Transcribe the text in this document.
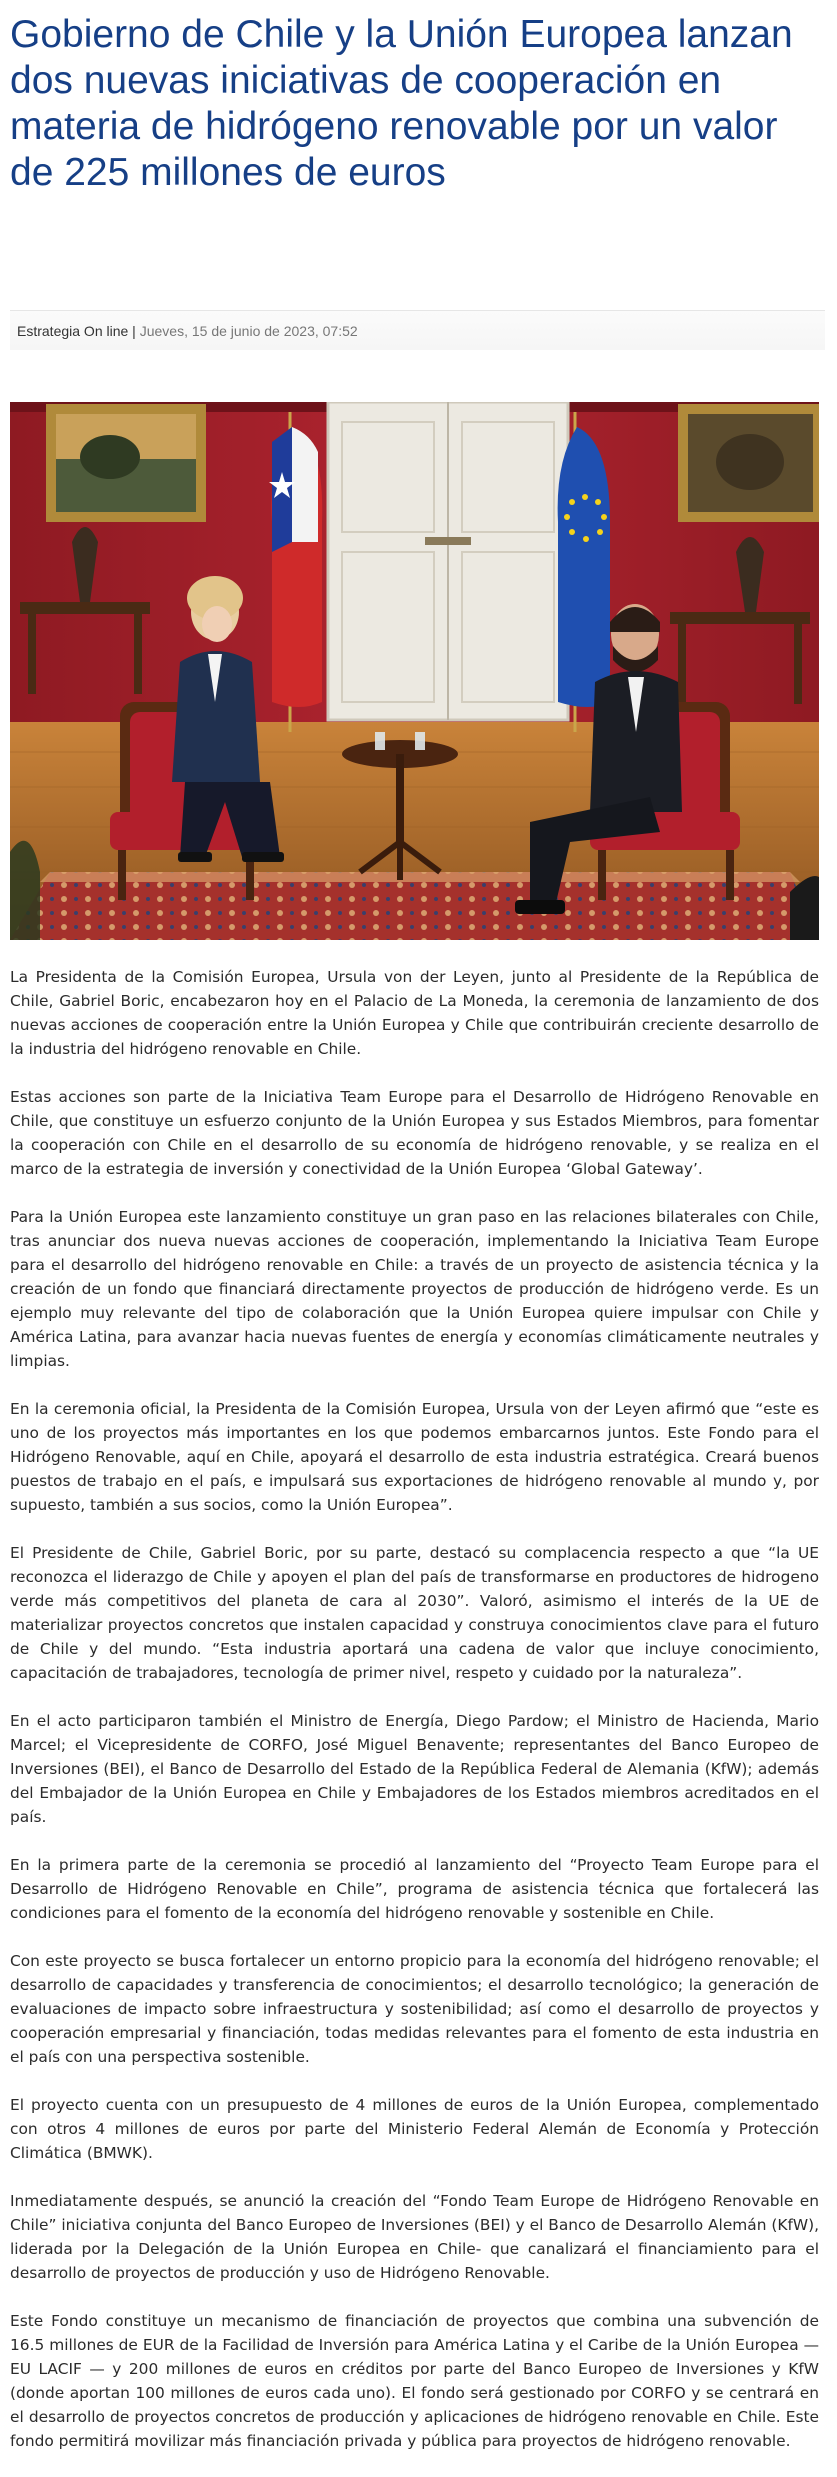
Gobierno de Chile y la Unión Europea lanzan dos nuevas iniciativas de cooperación en materia de hidrógeno renovable por un valor de 225 millones de euros
Estrategia On line | Jueves, 15 de junio de 2023, 07:52

La Presidenta de la Comisión Europea, Ursula von der Leyen, junto al Presidente de la República de Chile, Gabriel Boric, encabezaron hoy en el Palacio de La Moneda, la ceremonia de lanzamiento de dos nuevas acciones de cooperación entre la Unión Europea y Chile que contribuirán creciente desarrollo de la industria del hidrógeno renovable en Chile.

Estas acciones son parte de la Iniciativa Team Europe para el Desarrollo de Hidrógeno Renovable en Chile, que constituye un esfuerzo conjunto de la Unión Europea y sus Estados Miembros, para fomentar la cooperación con Chile en el desarrollo de su economía de hidrógeno renovable, y se realiza en el marco de la estrategia de inversión y conectividad de la Unión Europea ‘Global Gateway’.

Para la Unión Europea este lanzamiento constituye un gran paso en las relaciones bilaterales con Chile, tras anunciar dos nueva nuevas acciones de cooperación, implementando la Iniciativa Team Europe para el desarrollo del hidrógeno renovable en Chile: a través de un proyecto de asistencia técnica y la creación de un fondo que financiará directamente proyectos de producción de hidrógeno verde. Es un ejemplo muy relevante del tipo de colaboración que la Unión Europea quiere impulsar con Chile y América Latina, para avanzar hacia nuevas fuentes de energía y economías climáticamente neutrales y limpias.

En la ceremonia oficial, la Presidenta de la Comisión Europea, Ursula von der Leyen afirmó que “este es uno de los proyectos más importantes en los que podemos embarcarnos juntos. Este Fondo para el Hidrógeno Renovable, aquí en Chile, apoyará el desarrollo de esta industria estratégica. Creará buenos puestos de trabajo en el país, e impulsará sus exportaciones de hidrógeno renovable al mundo y, por supuesto, también a sus socios, como la Unión Europea”.

El Presidente de Chile, Gabriel Boric, por su parte, destacó su complacencia respecto a que “la UE reconozca el liderazgo de Chile y apoyen el plan del país de transformarse en productores de hidrogeno verde más competitivos del planeta de cara al 2030”. Valoró, asimismo el interés de la UE de materializar proyectos concretos que instalen capacidad y construya conocimientos clave para el futuro de Chile y del mundo. “Esta industria aportará una cadena de valor que incluye conocimiento, capacitación de trabajadores, tecnología de primer nivel, respeto y cuidado por la naturaleza”.

En el acto participaron también el Ministro de Energía, Diego Pardow; el Ministro de Hacienda, Mario Marcel; el Vicepresidente de CORFO, José Miguel Benavente; representantes del Banco Europeo de Inversiones (BEI), el Banco de Desarrollo del Estado de la República Federal de Alemania (KfW); además del Embajador de la Unión Europea en Chile y Embajadores de los Estados miembros acreditados en el país.

En la primera parte de la ceremonia se procedió al lanzamiento del “Proyecto Team Europe para el Desarrollo de Hidrógeno Renovable en Chile”, programa de asistencia técnica que fortalecerá las condiciones para el fomento de la economía del hidrógeno renovable y sostenible en Chile.

Con este proyecto se busca fortalecer un entorno propicio para la economía del hidrógeno renovable; el desarrollo de capacidades y transferencia de conocimientos; el desarrollo tecnológico; la generación de evaluaciones de impacto sobre infraestructura y sostenibilidad; así como el desarrollo de proyectos y cooperación empresarial y financiación, todas medidas relevantes para el fomento de esta industria en el país con una perspectiva sostenible.

El proyecto cuenta con un presupuesto de 4 millones de euros de la Unión Europea, complementado con otros 4 millones de euros por parte del Ministerio Federal Alemán de Economía y Protección Climática (BMWK).

Inmediatamente después, se anunció la creación del “Fondo Team Europe de Hidrógeno Renovable en Chile” iniciativa conjunta del Banco Europeo de Inversiones (BEI) y el Banco de Desarrollo Alemán (KfW), liderada por la Delegación de la Unión Europea en Chile- que canalizará el financiamiento para el desarrollo de proyectos de producción y uso de Hidrógeno Renovable.

Este Fondo constituye un mecanismo de financiación de proyectos que combina una subvención de 16.5 millones de EUR de la Facilidad de Inversión para América Latina y el Caribe de la Unión Europea — EU LACIF — y 200 millones de euros en créditos por parte del Banco Europeo de Inversiones y KfW (donde aportan 100 millones de euros cada uno). El fondo será gestionado por CORFO y se centrará en el desarrollo de proyectos concretos de producción y aplicaciones de hidrógeno renovable en Chile. Este fondo permitirá movilizar más financiación privada y pública para proyectos de hidrógeno renovable.
